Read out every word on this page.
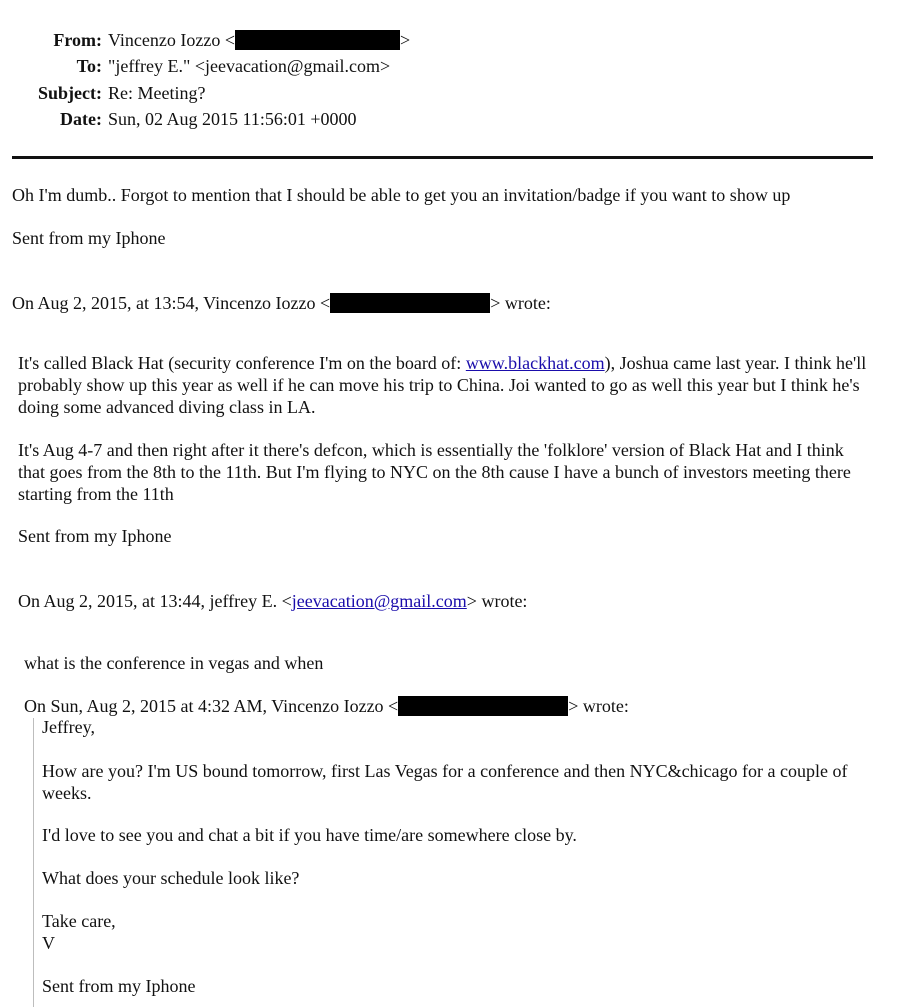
From: Vincenzo Iozzo <	>
To: "jeffrey E." <jeevacation@gmail.com>
Subject: Re: Meeting?
Date: Sun, 02 Aug 2015 11:56:01 +0000
Oh I'm dumb.. Forgot to mention that I should be able to get you an invitation/badge if you want to show up
Sent from my Iphone
On Aug 2, 2015, at 13:54, Vincenzo Iozzo <	> wrote:
It's called Black Hat (security conference I'm on the board of: www.blackhat.com), Joshua came last year. I think he'll probably show up this year as well if he can move his trip to China. Joi wanted to go as well this year but I think he's doing some advanced diving class in LA.
It's Aug 4-7 and then right after it there's defcon, which is essentially the 'folklore' version of Black Hat and I think that goes from the 8th to the 11th. But I'm flying to NYC on the 8th cause I have a bunch of investors meeting there starting from the 11th
Sent from my Iphone
On Aug 2, 2015, at 13:44, jeffrey E. <jeevacation@gmail.com> wrote:
what is the conference in vegas and when
On Sun, Aug 2, 2015 at 4:32 AM, Vincenzo Iozzo <	> wrote:
Jeffrey,
How are you? I'm US bound tomorrow, first Las Vegas for a conference and then NYC&chicago for a couple of weeks.
I'd love to see you and chat a bit if you have time/are somewhere close by.
What does your schedule look like?
Take care,
V
Sent from my Iphone
